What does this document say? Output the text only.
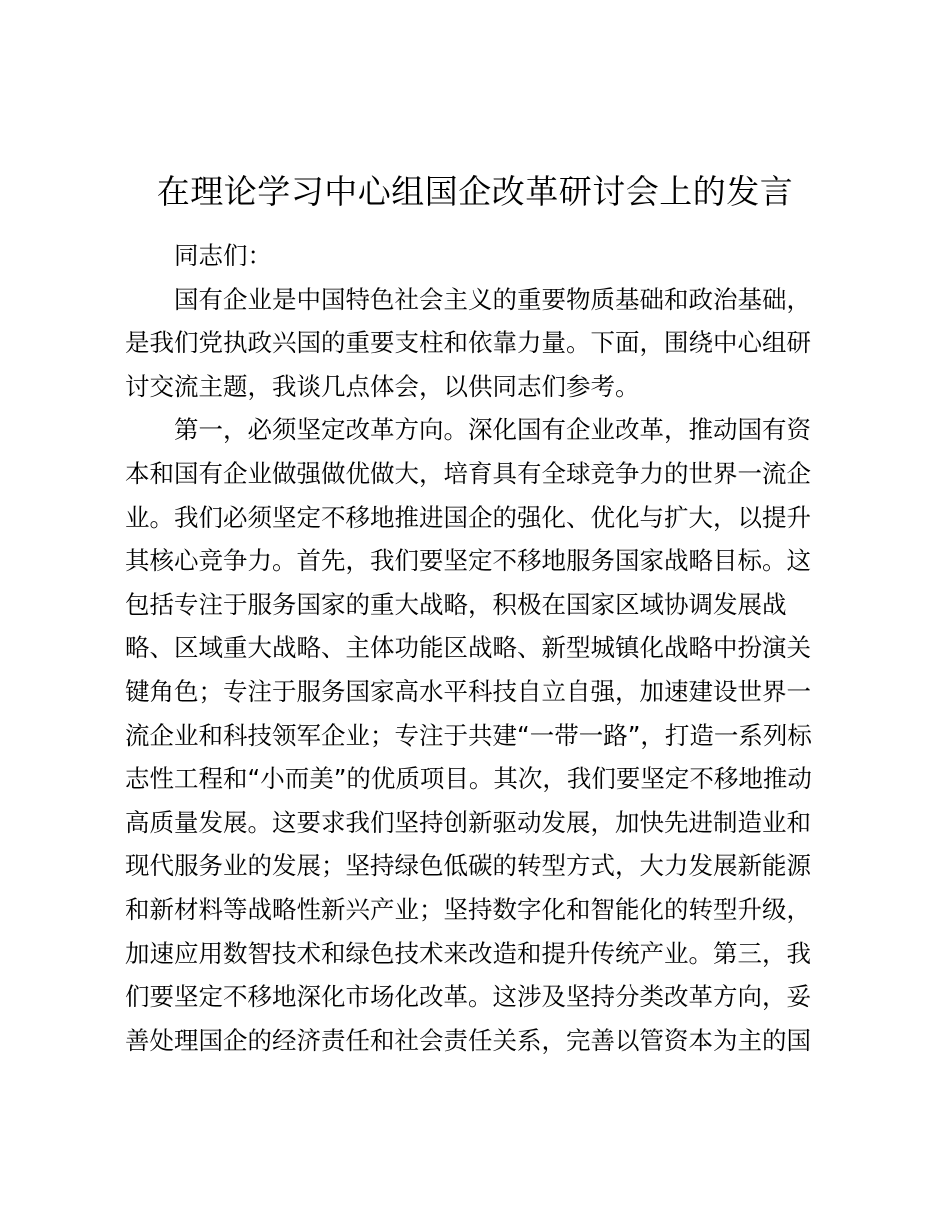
在理论学习中心组国企改革研讨会上的发言
同志们：
国有企业是中国特色社会主义的重要物质基础和政治基础，
是我们党执政兴国的重要支柱和依靠力量。下面，围绕中心组研
讨交流主题，我谈几点体会，以供同志们参考。
第一，必须坚定改革方向。深化国有企业改革，推动国有资
本和国有企业做强做优做大，培育具有全球竞争力的世界一流企
业。我们必须坚定不移地推进国企的强化、优化与扩大，以提升
其核心竞争力。首先，我们要坚定不移地服务国家战略目标。这
包括专注于服务国家的重大战略，积极在国家区域协调发展战
略、区域重大战略、主体功能区战略、新型城镇化战略中扮演关
键角色；专注于服务国家高水平科技自立自强，加速建设世界一
流企业和科技领军企业；专注于共建“一带一路”，打造一系列标
志性工程和“小而美”的优质项目。其次，我们要坚定不移地推动
高质量发展。这要求我们坚持创新驱动发展，加快先进制造业和
现代服务业的发展；坚持绿色低碳的转型方式，大力发展新能源
和新材料等战略性新兴产业；坚持数字化和智能化的转型升级，
加速应用数智技术和绿色技术来改造和提升传统产业。第三，我
们要坚定不移地深化市场化改革。这涉及坚持分类改革方向，妥
善处理国企的经济责任和社会责任关系，完善以管资本为主的国
